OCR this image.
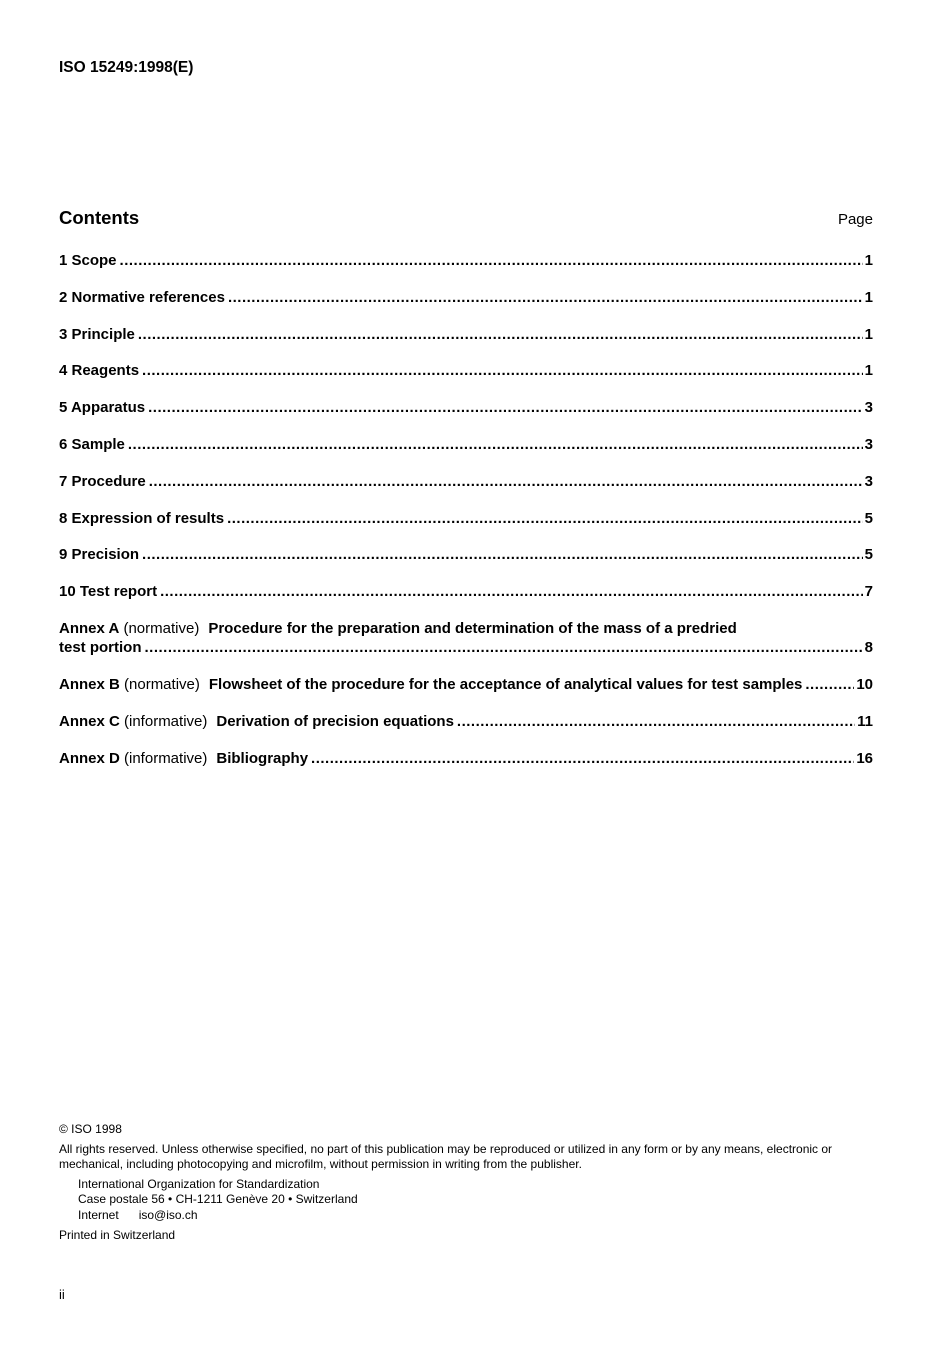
ISO 15249:1998(E)

Contents	Page
1 Scope .....	1
2 Normative references .....	1
3 Principle .....	1
4 Reagents .....	1
5 Apparatus .....	3
6 Sample .....	3
7 Procedure .....	3
8 Expression of results .....	5
9 Precision .....	5
10 Test report .....	7
Annex A
(normative) Procedure for the preparation and determination of the mass of a predried
test portion .....	8
Annex B
(normative) Flowsheet of the procedure for the acceptance of analytical values for test samples .....	10
Annex C
(informative) Derivation of precision equations .....	11
Annex D
(informative) Bibliography .....	16

© ISO 1998

All rights reserved. Unless otherwise specified, no part of this publication may be reproduced or utilized in any form or by any means, electronic or mechanical, including photocopying and microfilm, without permission in writing from the publisher.

International Organization for Standardization

Case postale 56 • CH-1211 Genève 20 • Switzerland

Internet      iso@iso.ch

Printed in Switzerland

ii
